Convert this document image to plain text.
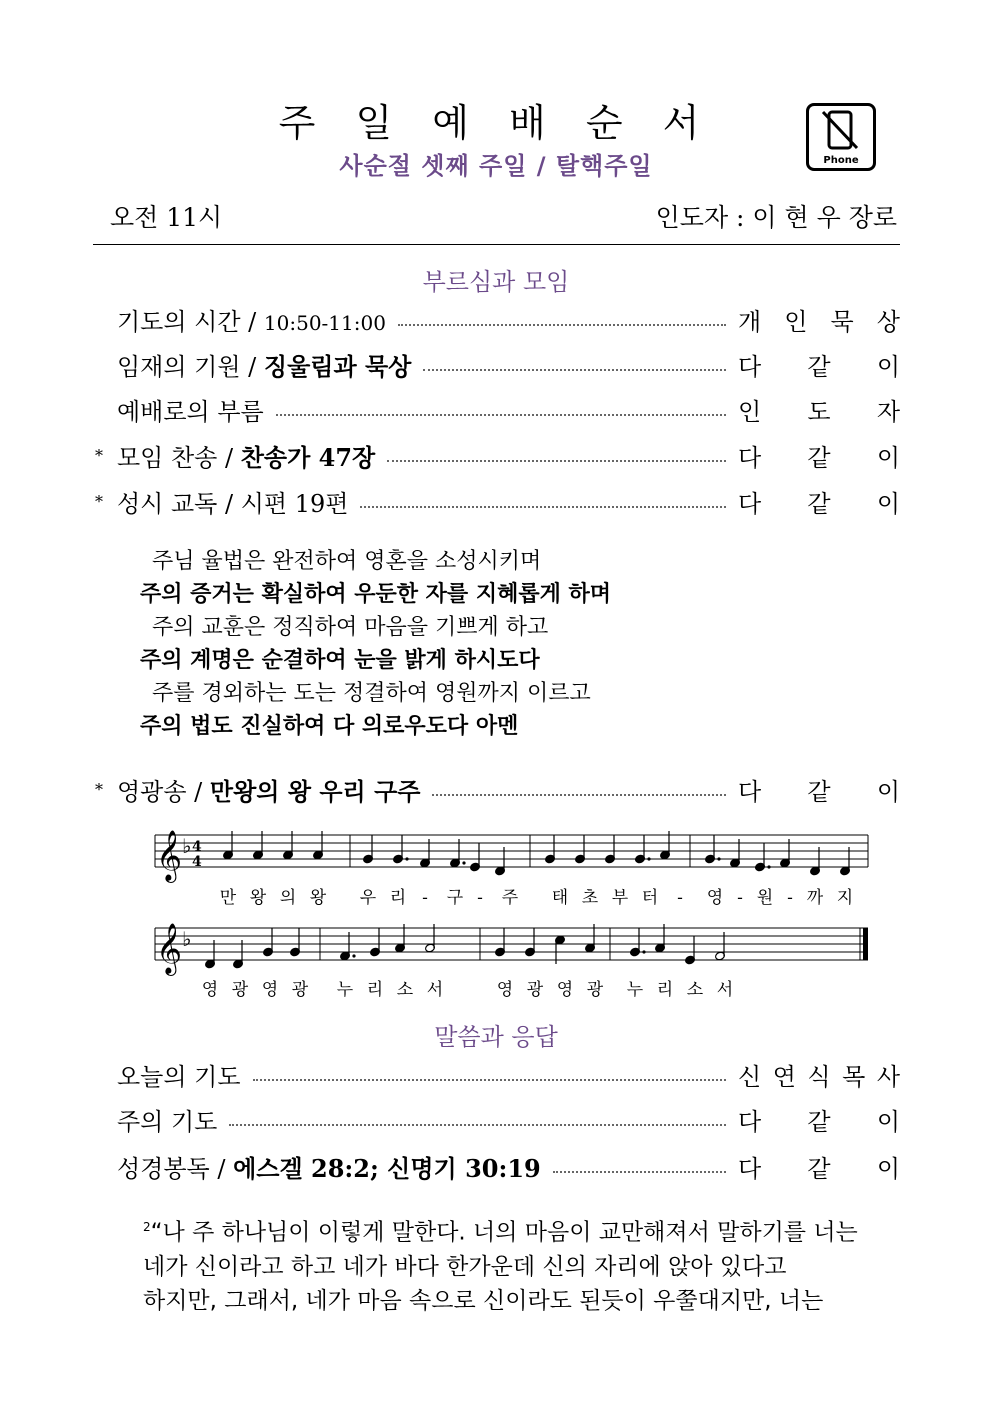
주 일 예 배 순 서
사순절 셋째 주일 / 탈핵주일	Phone
오전 11시	인도자 : 이 현 우 장로
부르심과 모임
기도의 시간 / 10:50-11:00	개 인 묵 상
임재의 기원 / 징울림과 묵상	다 같 이
예배로의 부름	인 도 자
* 모임 찬송 / 찬송가 47장	다 같 이
* 성시 교독 / 시편 19편	다 같 이
주님 율법은 완전하여 영혼을 소성시키며
주의 증거는 확실하여 우둔한 자를 지혜롭게 하며
주의 교훈은 정직하여 마음을 기쁘게 하고
주의 계명은 순결하여 눈을 밝게 하시도다
주를 경외하는 도는 정결하여 영원까지 이르고
주의 법도 진실하여 다 의로우도다 아멘
* 영광송 / 만왕의 왕 우리 구주	다 같 이
𝄞 ♭ 4
4
𝄞 ♭
만 왕 의 왕 우 리 - 구 - 주 태 초 부 터 - 영 - 원 - 까 지
영 광 영 광 누 리 소 서	영 광 영 광 누 리 소 서
말씀과 응답
오늘의 기도	신 연 식 목 사
주의 기도	다 같 이
성경봉독 / 에스겔 28:2; 신명기 30:19	다 같 이
$^2$“나 주 하나님이 이렇게 말한다. 너의 마음이 교만해져서 말하기를 너는
네가 신이라고 하고 네가 바다 한가운데 신의 자리에 앉아 있다고
하지만, 그래서, 네가 마음 속으로 신이라도 된듯이 우쭐대지만, 너는
